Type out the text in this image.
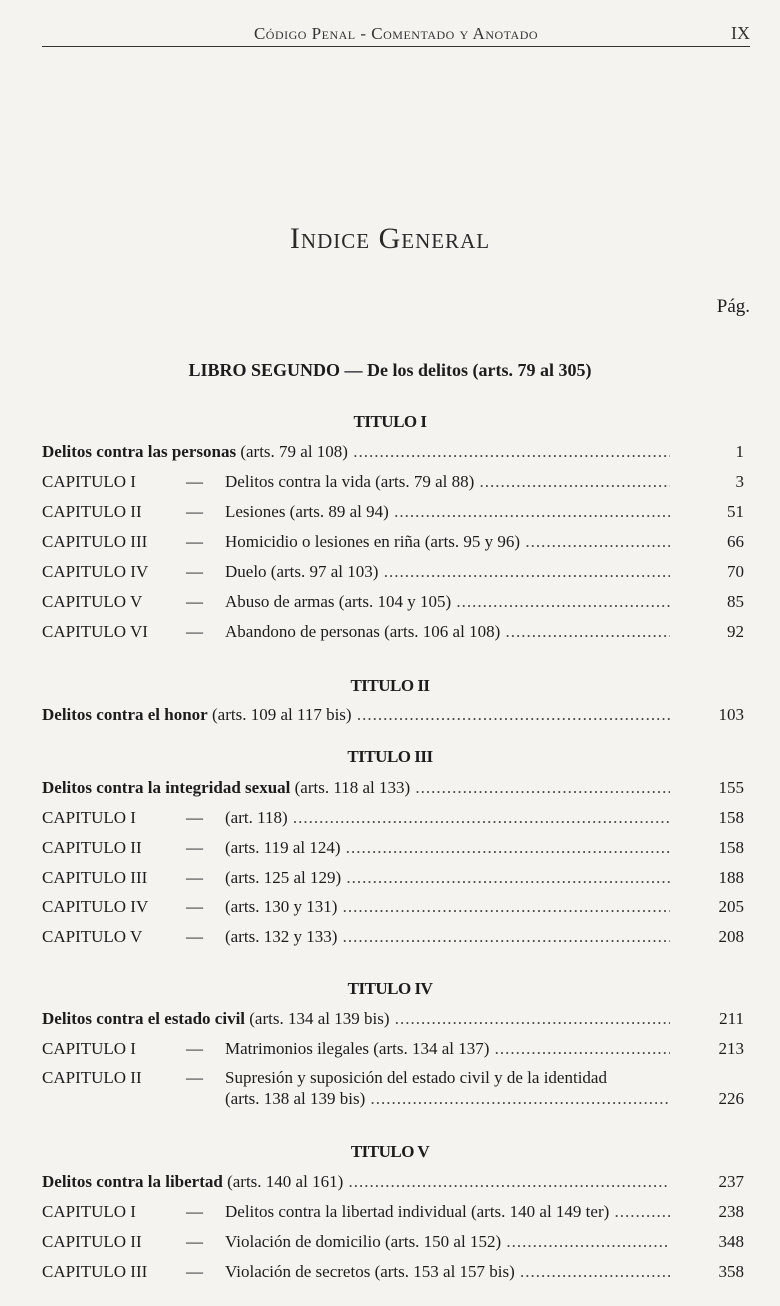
Código Penal - Comentado y Anotado	IX
Indice General
Pág.
LIBRO SEGUNDO — De los delitos (arts. 79 al 305)
TITULO I
Delitos contra las personas (arts. 79 al 108) .....	1
CAPITULO I	— Delitos contra la vida (arts. 79 al 88) .....	3
CAPITULO II	— Lesiones (arts. 89 al 94) .....	51
CAPITULO III	— Homicidio o lesiones en riña (arts. 95 y 96) .....	66
CAPITULO IV	— Duelo (arts. 97 al 103) .....	70
CAPITULO V	— Abuso de armas (arts. 104 y 105) .....	85
CAPITULO VI	— Abandono de personas (arts. 106 al 108) .....	92
TITULO II
Delitos contra el honor (arts. 109 al 117 bis) .....	103
TITULO III
Delitos contra la integridad sexual (arts. 118 al 133) .....	155
CAPITULO I	— (art. 118) .....	158
CAPITULO II	— (arts. 119 al 124) .....	158
CAPITULO III	— (arts. 125 al 129) .....	188
CAPITULO IV	— (arts. 130 y 131) .....	205
CAPITULO V	— (arts. 132 y 133) .....	208
TITULO IV
Delitos contra el estado civil (arts. 134 al 139 bis) .....	211
CAPITULO I	— Matrimonios ilegales (arts. 134 al 137) .....	213
CAPITULO II	— Supresión y suposición del estado civil y de la identidad
(arts. 138 al 139 bis) .....	226
TITULO V
Delitos contra la libertad (arts. 140 al 161) .....	237
CAPITULO I	— Delitos contra la libertad individual (arts. 140 al 149 ter) .....	238
CAPITULO II	— Violación de domicilio (arts. 150 al 152) .....	348
CAPITULO III	— Violación de secretos (arts. 153 al 157 bis) .....	358
